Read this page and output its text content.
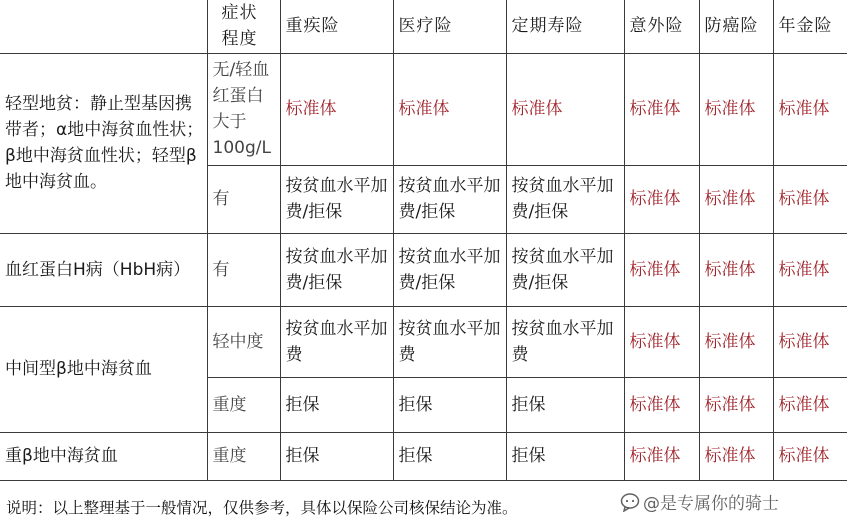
	症状程度	重疾险	医疗险	定期寿险	意外险	防癌险	年金险
轻型地贫：静止型基因携带者；α地中海贫血性状；β地中海贫血性状；轻型β地中海贫血。	无/轻血红蛋白大于100g/L	标准体	标准体	标准体	标准体	标准体	标准体
	有	按贫血水平加费/拒保	按贫血水平加费/拒保	按贫血水平加费/拒保	标准体	标准体	标准体
血红蛋白H病（HbH病）	有	按贫血水平加费/拒保	按贫血水平加费/拒保	按贫血水平加费/拒保	标准体	标准体	标准体
中间型β地中海贫血	轻中度	按贫血水平加费	按贫血水平加费	按贫血水平加费	标准体	标准体	标准体
	重度	拒保	拒保	拒保	标准体	标准体	标准体
重β地中海贫血	重度	拒保	拒保	拒保	标准体	标准体	标准体
说明：以上整理基于一般情况，仅供参考，具体以保险公司核保结论为准。	@是专属你的骑士
